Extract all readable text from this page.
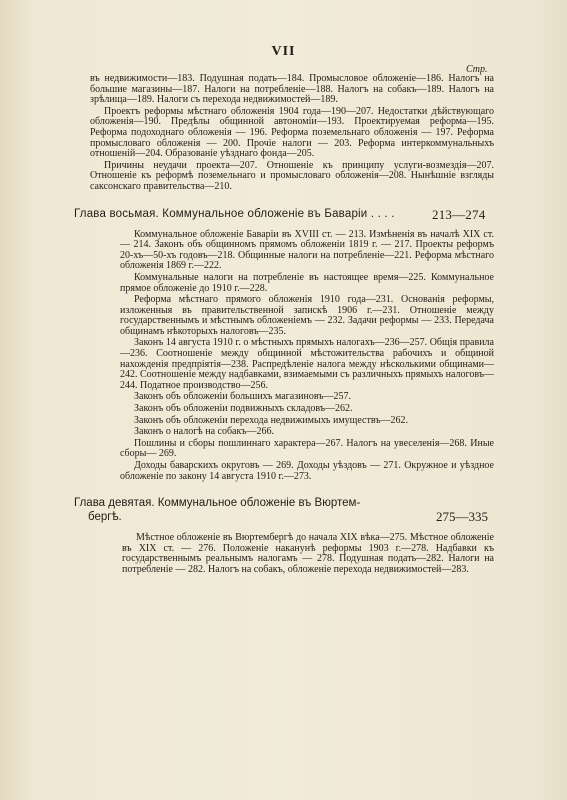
VII
Стр.

въ недвижимости—183. Подушная подать—184. Промысловое обложеніе—186. Налогъ на большие магазины—187. Налоги на потребленіе—188. Налогъ на собакъ—189. Налогъ на зрѣлища—189. Налоги съ перехода недвижимостей—189.

Проектъ реформы мѣстнаго обложенія 1904 года—190—207. Недостатки дѣйствующаго обложенія—190. Предѣлы общинной автономіи—193. Проектируемая реформа—195. Реформа подоходнаго обложенія — 196. Реформа поземельнаго обложенія — 197. Реформа промысловаго обложенія — 200. Прочіе налоги — 203. Реформа интеркоммунальныхъ отношеній—204. Образованіе уѣзднаго фонда—205.

Причины неудачи проекта—207. Отношеніе къ принципу услуги-возмездія—207. Отношеніе къ реформѣ поземельнаго и промысловаго обложенія—208. Нынѣшніе взгляды саксонскаго правительства—210.

Глава восьмая. Коммунальное обложеніе въ Баваріи . . . .	213—274

Коммунальное обложеніе Баваріи въ XVIII ст. — 213. Измѣненія въ началѣ XIX ст. — 214. Законъ объ общинномъ прямомъ обложеніи 1819 г. — 217. Проекты реформъ 20-хъ—50-хъ годовъ—218. Общинные налоги на потребленіе—221. Реформа мѣстнаго обложенія 1869 г.—222.

Коммунальные налоги на потребленіе въ настоящее время—225. Коммунальное прямое обложеніе до 1910 г.—228.

Реформа мѣстнаго прямого обложенія 1910 года—231. Основанія реформы, изложенныя въ правительственной запискѣ 1906 г.—231. Отношеніе между государственнымъ и мѣстнымъ обложеніемъ — 232. Задачи реформы — 233. Передача общинамъ нѣкоторыхъ налоговъ—235.

Законъ 14 августа 1910 г. о мѣстныхъ прямыхъ налогахъ—236—257. Общія правила—236. Соотношеніе между общинной мѣстожительства рабочихъ и общиной нахожденія предпріятія—238. Распредѣленіе налога между нѣсколькими общинами—242. Соотношеніе между надбавками, взимаемыми съ различныхъ прямыхъ налоговъ—244. Податное производство—256.

Законъ объ обложеніи большихъ магазиновъ—257.

Законъ объ обложеніи подвижныхъ складовъ—262.

Законъ объ обложеніи перехода недвижимыхъ имуществъ—262.

Законъ о налогѣ на собакъ—266.

Пошлины и сборы пошлиннаго характера—267. Налогъ на увеселенія—268. Иные сборы— 269.

Доходы баварскихъ округовъ — 269. Доходы уѣздовъ — 271. Окружное и уѣздное обложеніе по закону 14 августа 1910 г.—273.

Глава девятая. Коммунальное обложеніе въ Вюртем-
бергѣ.	275—335

Мѣстное обложеніе въ Вюртембергѣ до начала XIX вѣка—275. Мѣстное обложеніе въ XIX ст. — 276. Положеніе наканунѣ реформы 1903 г.—278. Надбавки къ государственнымъ реальнымъ налогамъ — 278. Подушная подать—282. Налоги на потребленіе — 282. Налогъ на собакъ, обложеніе перехода недвижимостей—283.
